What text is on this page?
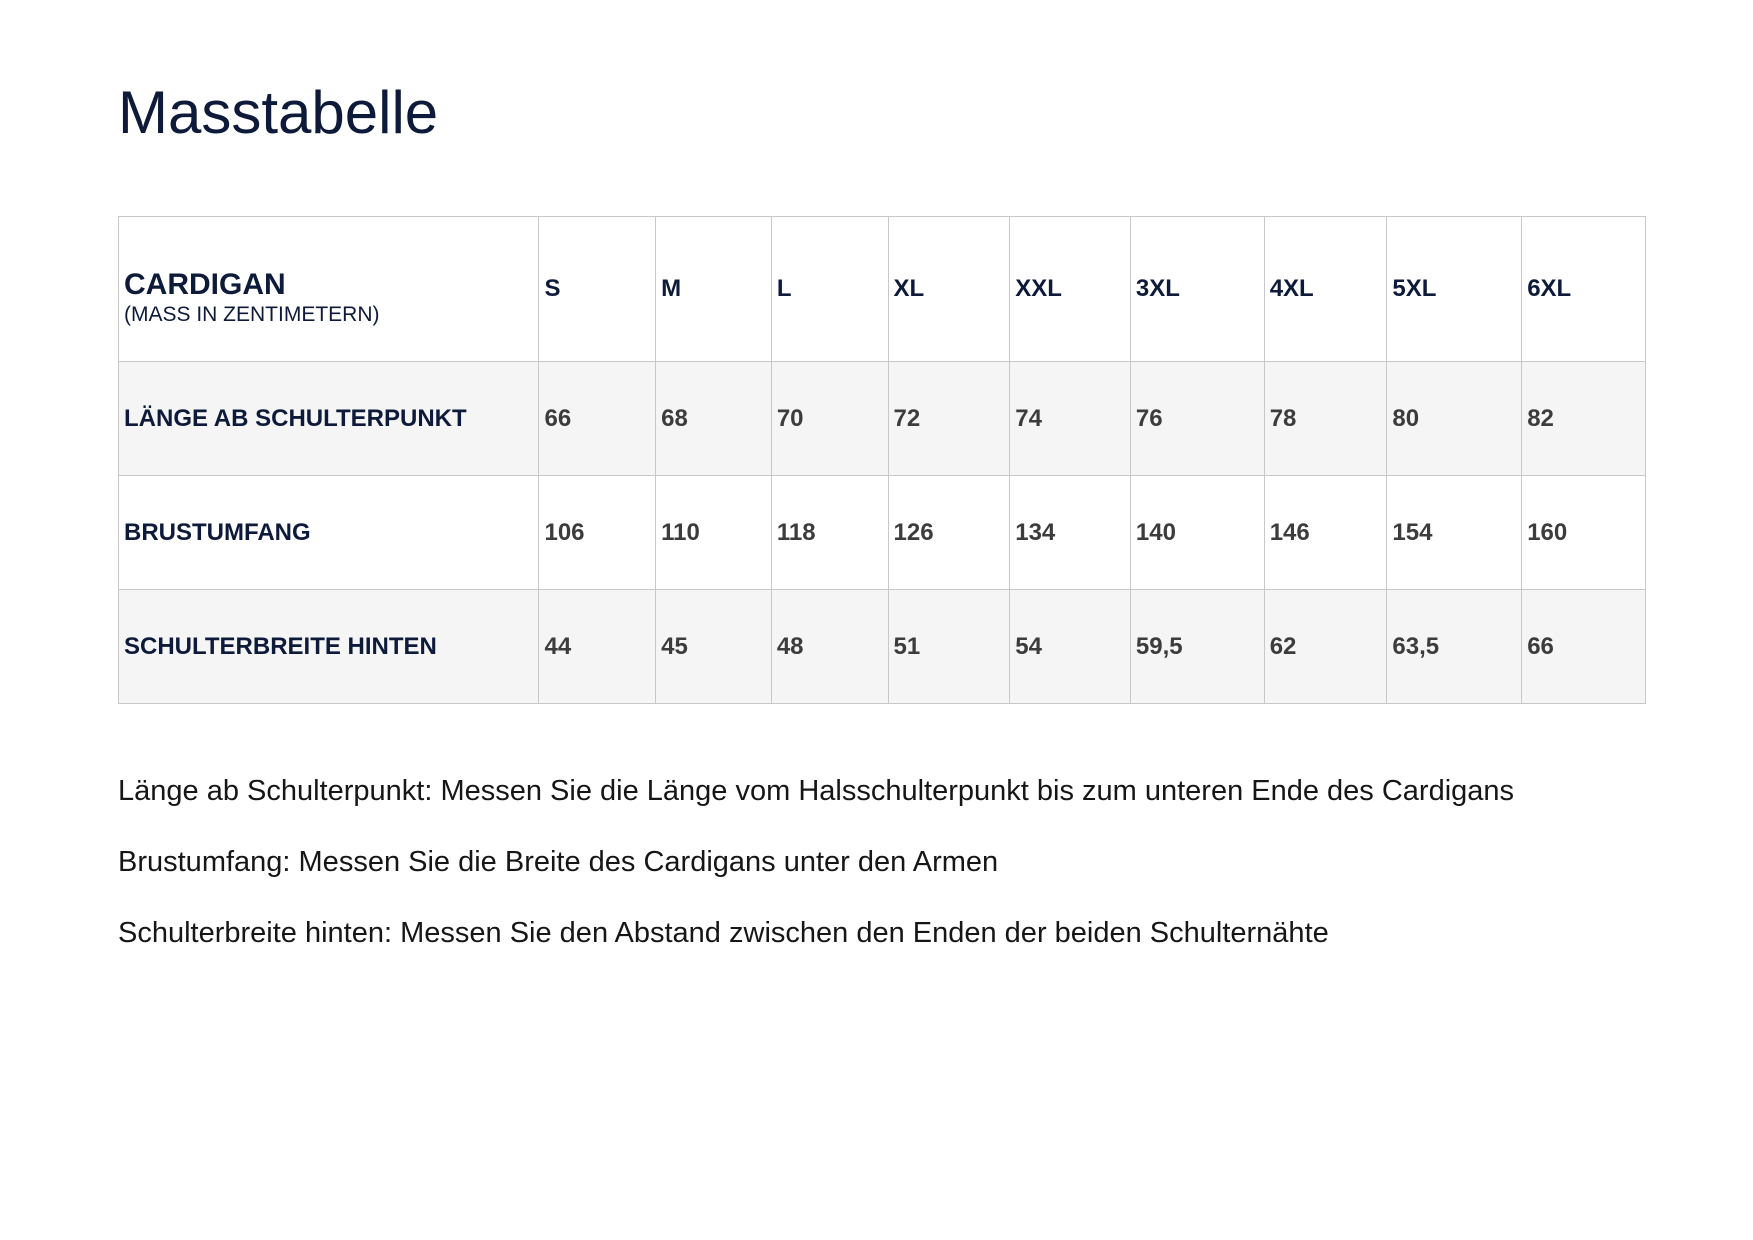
Masstabelle
CARDIGAN
(MASS IN ZENTIMETERN)	S	M	L	XL	XXL	3XL	4XL	5XL	6XL
LÄNGE AB SCHULTERPUNKT	66	68	70	72	74	76	78	80	82
BRUSTUMFANG	106	110	118	126	134	140	146	154	160
SCHULTERBREITE HINTEN	44	45	48	51	54	59,5	62	63,5	66

Länge ab Schulterpunkt: Messen Sie die Länge vom Halsschulterpunkt bis zum unteren Ende des Cardigans

Brustumfang: Messen Sie die Breite des Cardigans unter den Armen

Schulterbreite hinten: Messen Sie den Abstand zwischen den Enden der beiden Schulternähte
